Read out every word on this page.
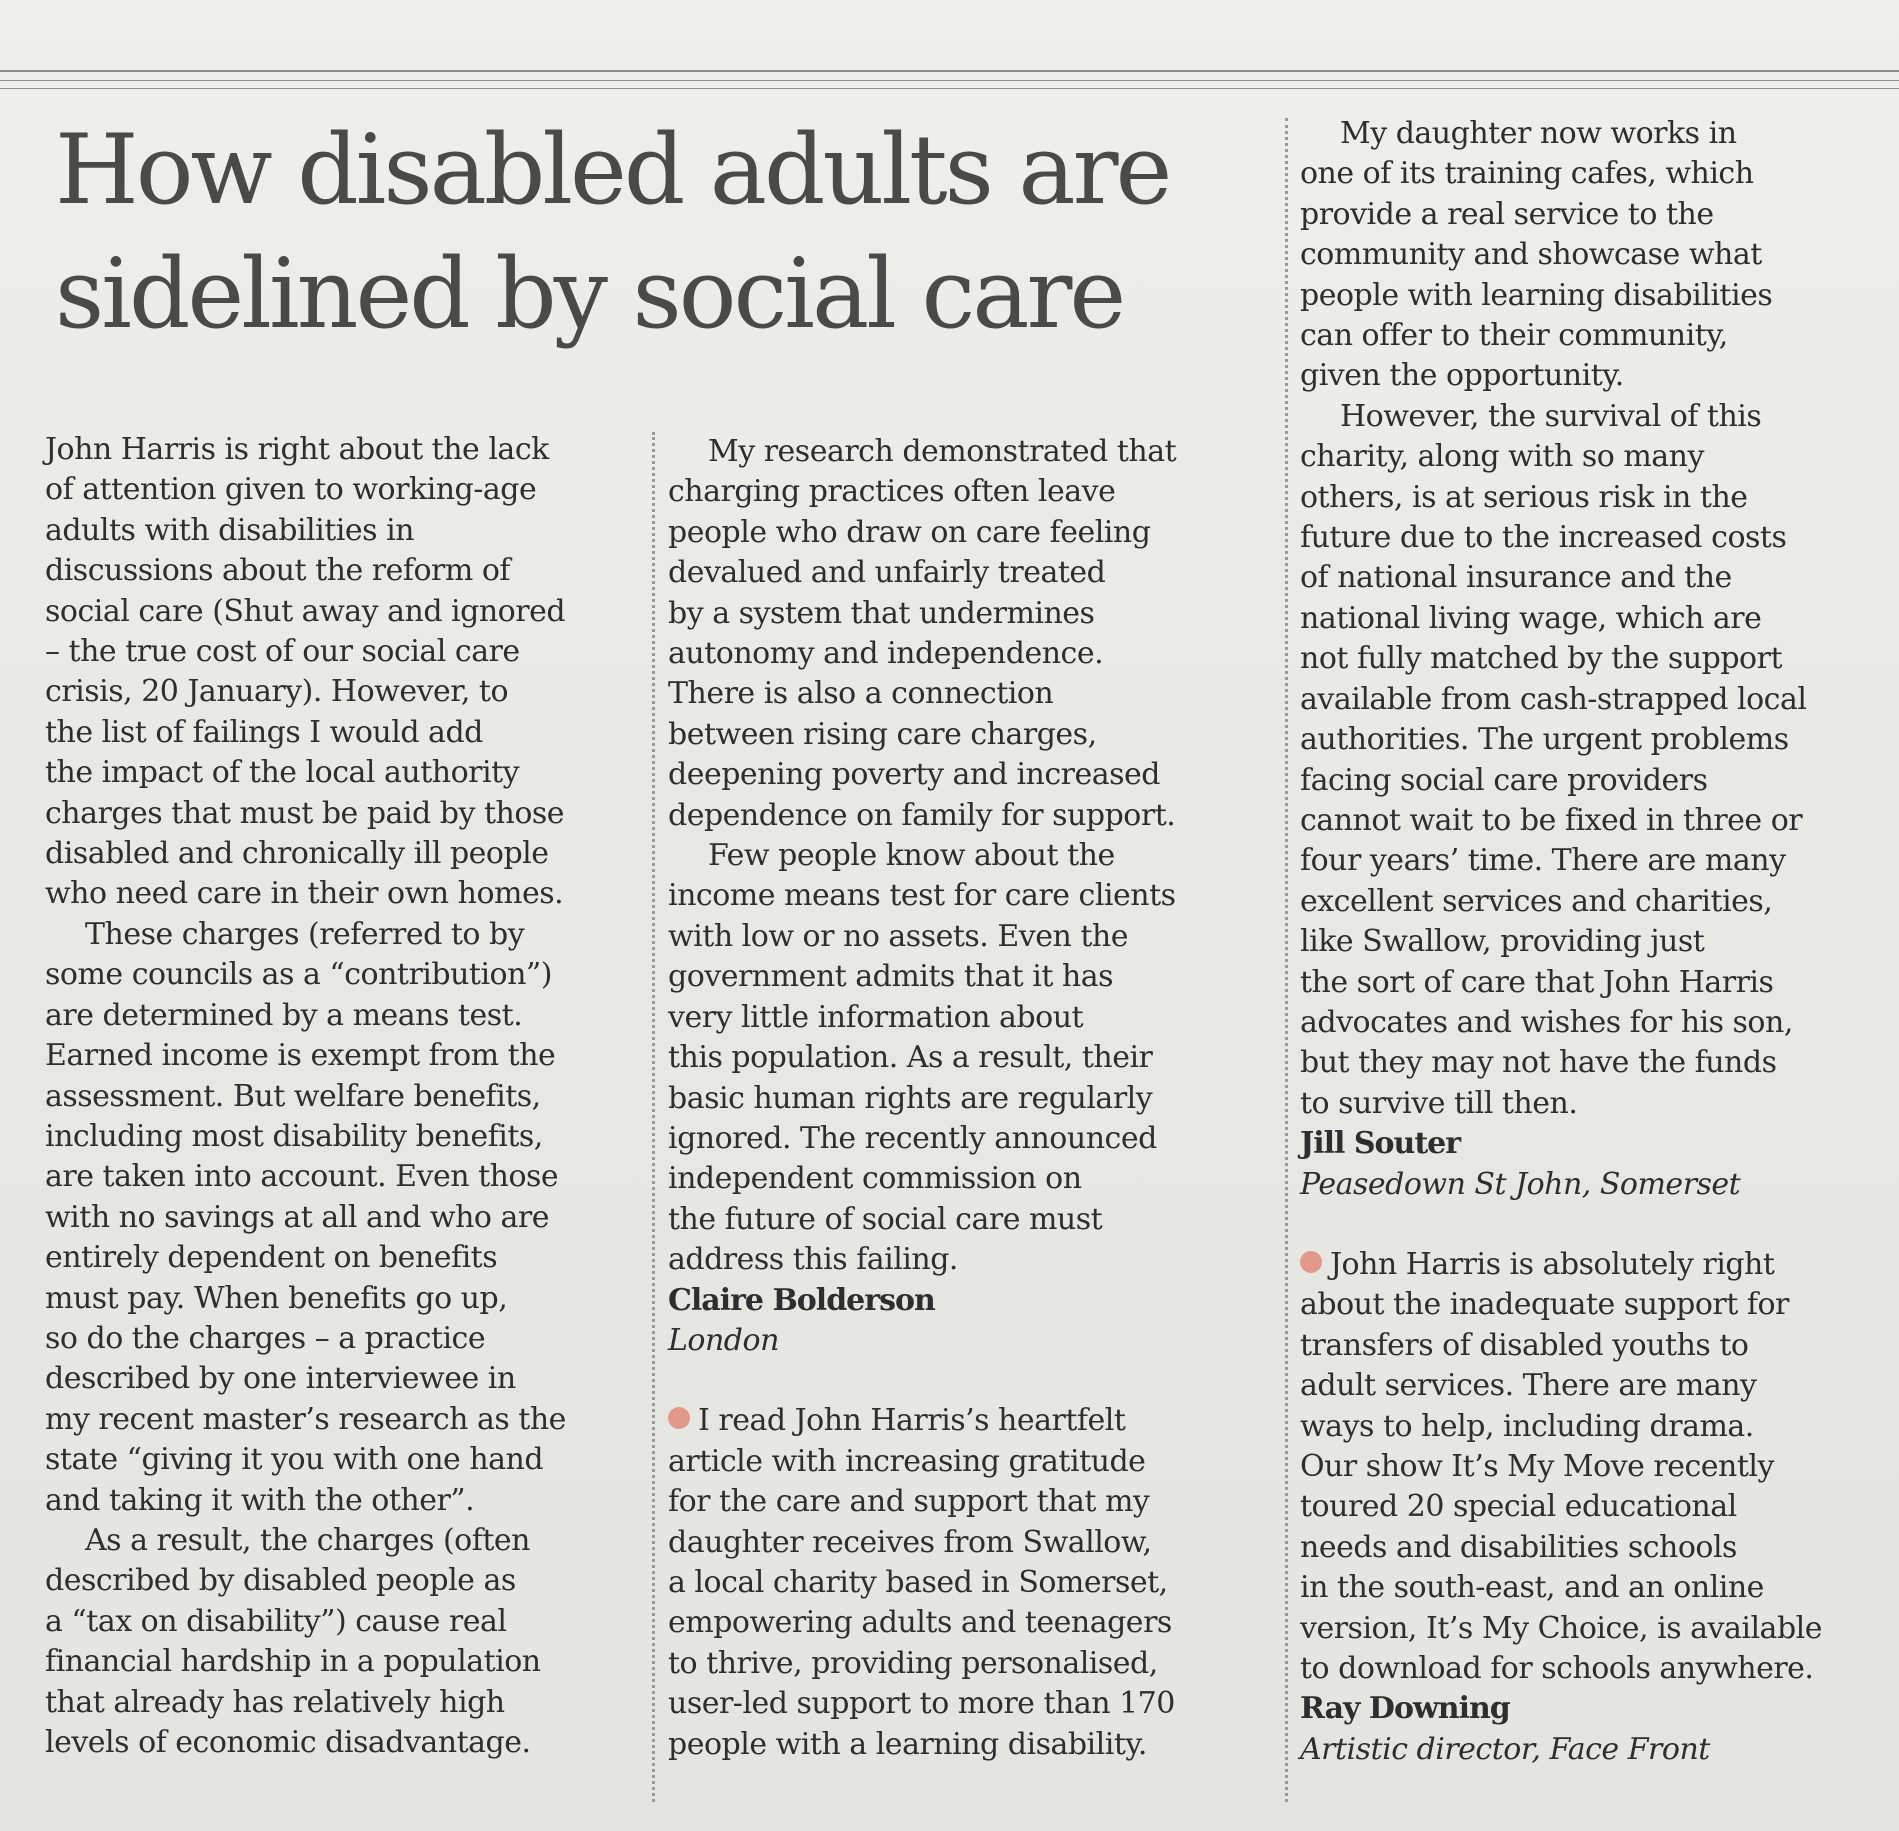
How disabled adults are
sidelined by social care

John Harris is right about the lack
of attention given to working-age
adults with disabilities in
discussions about the reform of
social care (Shut away and ignored
– the true cost of our social care
crisis, 20 January). However, to
the list of failings I would add
the impact of the local authority
charges that must be paid by those
disabled and chronically ill people
who need care in their own homes.

These charges (referred to by
some councils as a “contribution”)
are determined by a means test.
Earned income is exempt from the
assessment. But welfare benefits,
including most disability benefits,
are taken into account. Even those
with no savings at all and who are
entirely dependent on benefits
must pay. When benefits go up,
so do the charges – a practice
described by one interviewee in
my recent master’s research as the
state “giving it you with one hand
and taking it with the other”.

As a result, the charges (often
described by disabled people as
a “tax on disability”) cause real
financial hardship in a population
that already has relatively high
levels of economic disadvantage.

My research demonstrated that
charging practices often leave
people who draw on care feeling
devalued and unfairly treated
by a system that undermines
autonomy and independence.
There is also a connection
between rising care charges,
deepening poverty and increased
dependence on family for support.

Few people know about the
income means test for care clients
with low or no assets. Even the
government admits that it has
very little information about
this population. As a result, their
basic human rights are regularly
ignored. The recently announced
independent commission on
the future of social care must
address this failing.

Claire Bolderson

London

I read John Harris’s heartfelt
article with increasing gratitude
for the care and support that my
daughter receives from Swallow,
a local charity based in Somerset,
empowering adults and teenagers
to thrive, providing personalised,
user-led support to more than 170
people with a learning disability.

My daughter now works in
one of its training cafes, which
provide a real service to the
community and showcase what
people with learning disabilities
can offer to their community,
given the opportunity.

However, the survival of this
charity, along with so many
others, is at serious risk in the
future due to the increased costs
of national insurance and the
national living wage, which are
not fully matched by the support
available from cash-strapped local
authorities. The urgent problems
facing social care providers
cannot wait to be fixed in three or
four years’ time. There are many
excellent services and charities,
like Swallow, providing just
the sort of care that John Harris
advocates and wishes for his son,
but they may not have the funds
to survive till then.

Jill Souter

Peasedown St John, Somerset

John Harris is absolutely right
about the inadequate support for
transfers of disabled youths to
adult services. There are many
ways to help, including drama.
Our show It’s My Move recently
toured 20 special educational
needs and disabilities schools
in the south-east, and an online
version, It’s My Choice, is available
to download for schools anywhere.

Ray Downing

Artistic director, Face Front
